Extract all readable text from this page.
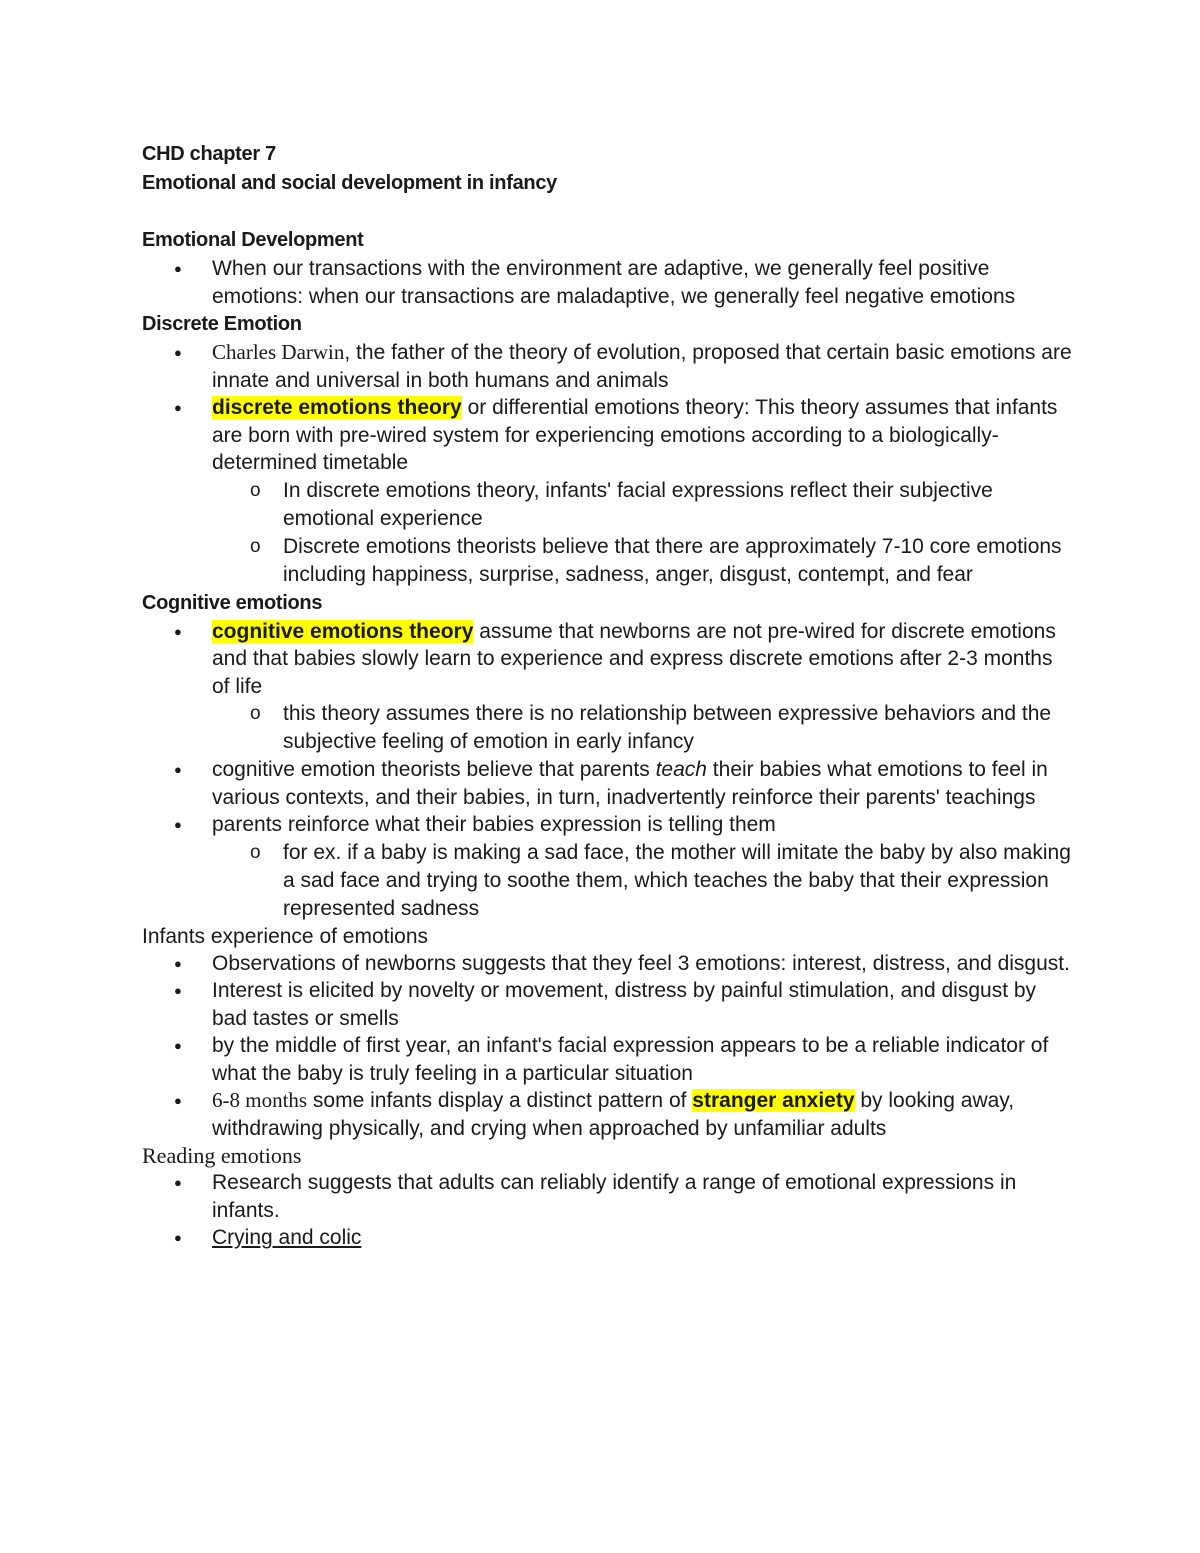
CHD chapter 7

Emotional and social development in infancy

Emotional Development

● When our transactions with the environment are adaptive, we generally feel positive emotions: when our transactions are maladaptive, we generally feel negative emotions

Discrete Emotion

● Charles Darwin, the father of the theory of evolution, proposed that certain basic emotions are innate and universal in both humans and animals
● discrete emotions theory or differential emotions theory: This theory assumes that infants are born with pre-wired system for experiencing emotions according to a biologically-determined timetable
o In discrete emotions theory, infants' facial expressions reflect their subjective emotional experience
o Discrete emotions theorists believe that there are approximately 7-10 core emotions including happiness, surprise, sadness, anger, disgust, contempt, and fear

Cognitive emotions

● cognitive emotions theory assume that newborns are not pre-wired for discrete emotions and that babies slowly learn to experience and express discrete emotions after 2-3 months of life
o this theory assumes there is no relationship between expressive behaviors and the subjective feeling of emotion in early infancy
● cognitive emotion theorists believe that parents teach their babies what emotions to feel in various contexts, and their babies, in turn, inadvertently reinforce their parents' teachings
● parents reinforce what their babies expression is telling them
o for ex. if a baby is making a sad face, the mother will imitate the baby by also making a sad face and trying to soothe them, which teaches the baby that their expression represented sadness

Infants experience of emotions

● Observations of newborns suggests that they feel 3 emotions: interest, distress, and disgust.
● Interest is elicited by novelty or movement, distress by painful stimulation, and disgust by bad tastes or smells
● by the middle of first year, an infant's facial expression appears to be a reliable indicator of what the baby is truly feeling in a particular situation
● 6-8 months some infants display a distinct pattern of stranger anxiety by looking away, withdrawing physically, and crying when approached by unfamiliar adults

Reading emotions

● Research suggests that adults can reliably identify a range of emotional expressions in infants.
● Crying and colic
